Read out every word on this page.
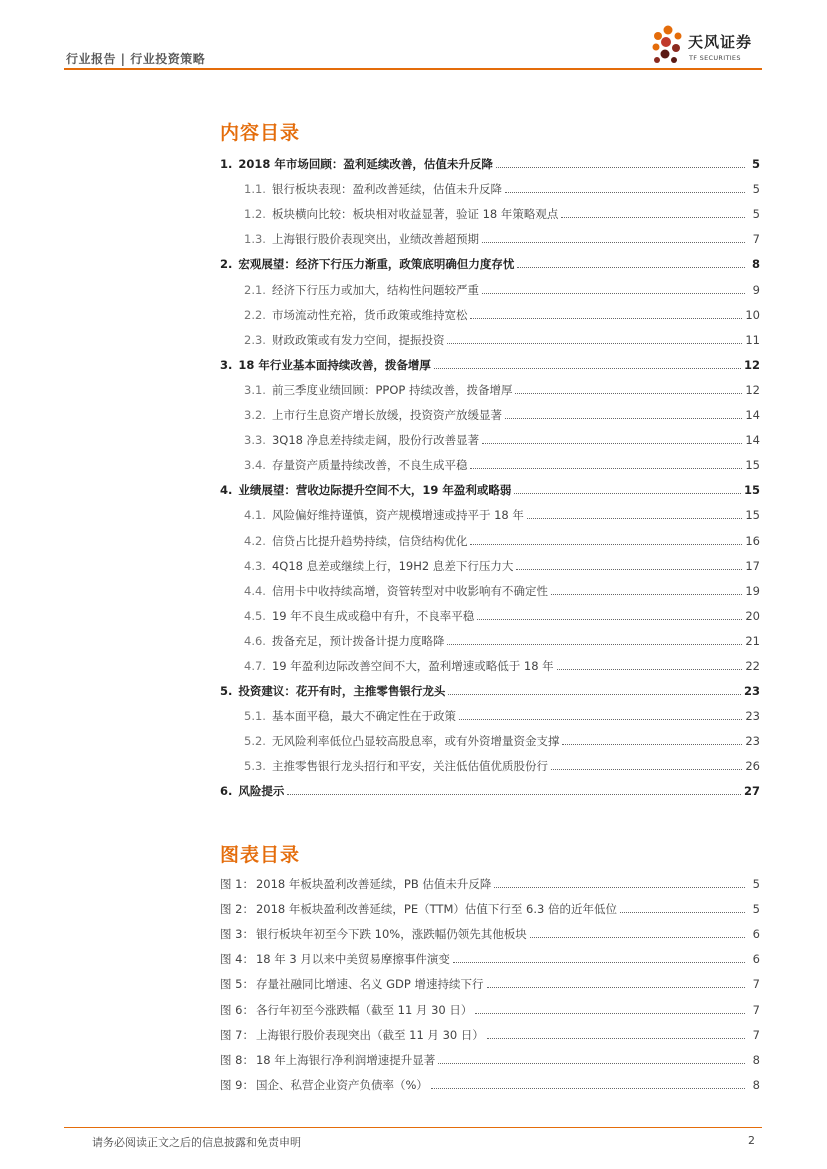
行业报告 | 行业投资策略
天风证券
TF SECURITIES
内容目录
1. 2018 年市场回顾：盈利延续改善，估值未升反降	5
1.1. 银行板块表现：盈利改善延续，估值未升反降	5
1.2. 板块横向比较：板块相对收益显著，验证 18 年策略观点	5
1.3. 上海银行股价表现突出，业绩改善超预期	7
2. 宏观展望：经济下行压力渐重，政策底明确但力度存忧	8
2.1. 经济下行压力或加大，结构性问题较严重	9
2.2. 市场流动性充裕，货币政策或维持宽松	10
2.3. 财政政策或有发力空间，提振投资	11
3. 18 年行业基本面持续改善，拨备增厚	12
3.1. 前三季度业绩回顾：PPOP 持续改善，拨备增厚	12
3.2. 上市行生息资产增长放缓，投资资产放缓显著	14
3.3. 3Q18 净息差持续走阔，股份行改善显著	14
3.4. 存量资产质量持续改善，不良生成平稳	15
4. 业绩展望：营收边际提升空间不大，19 年盈利或略弱	15
4.1. 风险偏好维持谨慎，资产规模增速或持平于 18 年	15
4.2. 信贷占比提升趋势持续，信贷结构优化	16
4.3. 4Q18 息差或继续上行，19H2 息差下行压力大	17
4.4. 信用卡中收持续高增，资管转型对中收影响有不确定性	19
4.5. 19 年不良生成或稳中有升，不良率平稳	20
4.6. 拨备充足，预计拨备计提力度略降	21
4.7. 19 年盈利边际改善空间不大，盈利增速或略低于 18 年	22
5. 投资建议：花开有时，主推零售银行龙头	23
5.1. 基本面平稳，最大不确定性在于政策	23
5.2. 无风险利率低位凸显较高股息率，或有外资增量资金支撑	23
5.3. 主推零售银行龙头招行和平安，关注低估值优质股份行	26
6. 风险提示	27
图表目录
图 1： 2018 年板块盈利改善延续，PB 估值未升反降	5
图 2： 2018 年板块盈利改善延续，PE（TTM）估值下行至 6.3 倍的近年低位	5
图 3： 银行板块年初至今下跌 10%，涨跌幅仍领先其他板块	6
图 4： 18 年 3 月以来中美贸易摩擦事件演变	6
图 5： 存量社融同比增速、名义 GDP 增速持续下行	7
图 6： 各行年初至今涨跌幅（截至 11 月 30 日）	7
图 7： 上海银行股价表现突出（截至 11 月 30 日）	7
图 8： 18 年上海银行净利润增速提升显著	8
图 9： 国企、私营企业资产负债率（%）	8
请务必阅读正文之后的信息披露和免责申明	2
